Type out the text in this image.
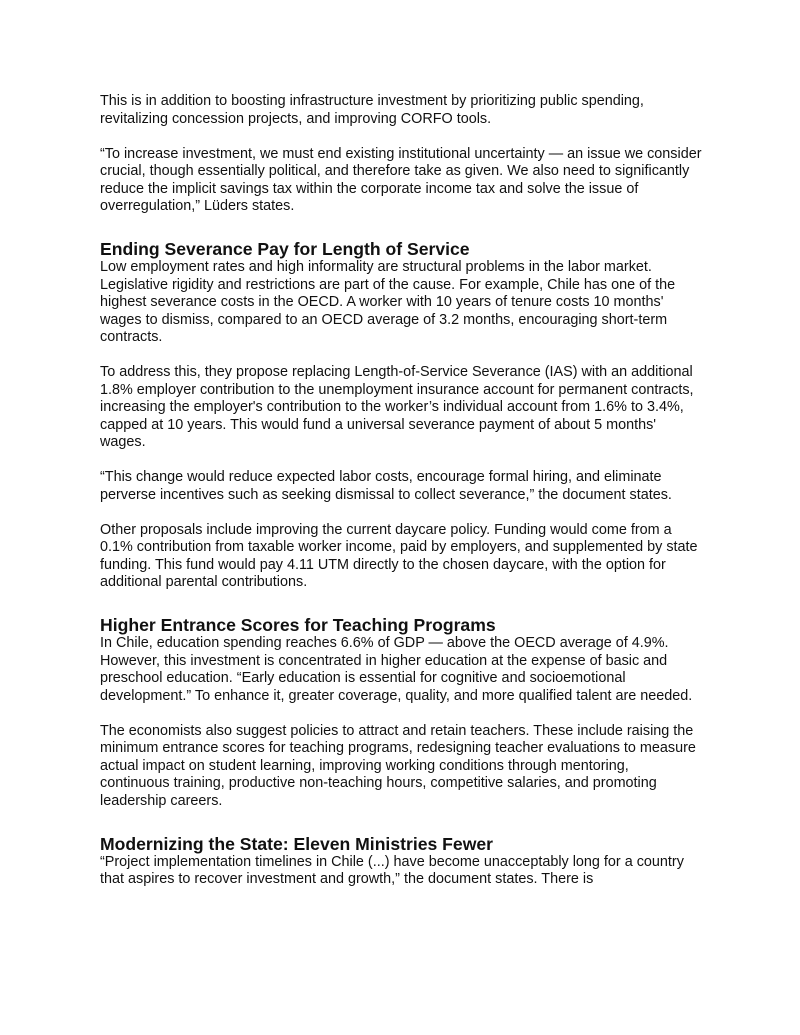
This is in addition to boosting infrastructure investment by prioritizing public spending, revitalizing concession projects, and improving CORFO tools.

“To increase investment, we must end existing institutional uncertainty — an issue we consider crucial, though essentially political, and therefore take as given. We also need to significantly reduce the implicit savings tax within the corporate income tax and solve the issue of overregulation,” Lüders states.

Ending Severance Pay for Length of Service

Low employment rates and high informality are structural problems in the labor market. Legislative rigidity and restrictions are part of the cause. For example, Chile has one of the highest severance costs in the OECD. A worker with 10 years of tenure costs 10 months' wages to dismiss, compared to an OECD average of 3.2 months, encouraging short-term contracts.

To address this, they propose replacing Length-of-Service Severance (IAS) with an additional 1.8% employer contribution to the unemployment insurance account for permanent contracts, increasing the employer's contribution to the worker’s individual account from 1.6% to 3.4%, capped at 10 years. This would fund a universal severance payment of about 5 months' wages.

“This change would reduce expected labor costs, encourage formal hiring, and eliminate perverse incentives such as seeking dismissal to collect severance,” the document states.

Other proposals include improving the current daycare policy. Funding would come from a 0.1% contribution from taxable worker income, paid by employers, and supplemented by state funding. This fund would pay 4.11 UTM directly to the chosen daycare, with the option for additional parental contributions.

Higher Entrance Scores for Teaching Programs

In Chile, education spending reaches 6.6% of GDP — above the OECD average of 4.9%. However, this investment is concentrated in higher education at the expense of basic and preschool education. “Early education is essential for cognitive and socioemotional development.” To enhance it, greater coverage, quality, and more qualified talent are needed.

The economists also suggest policies to attract and retain teachers. These include raising the minimum entrance scores for teaching programs, redesigning teacher evaluations to measure actual impact on student learning, improving working conditions through mentoring, continuous training, productive non-teaching hours, competitive salaries, and promoting leadership careers.

Modernizing the State: Eleven Ministries Fewer

“Project implementation timelines in Chile (...) have become unacceptably long for a country that aspires to recover investment and growth,” the document states. There is
